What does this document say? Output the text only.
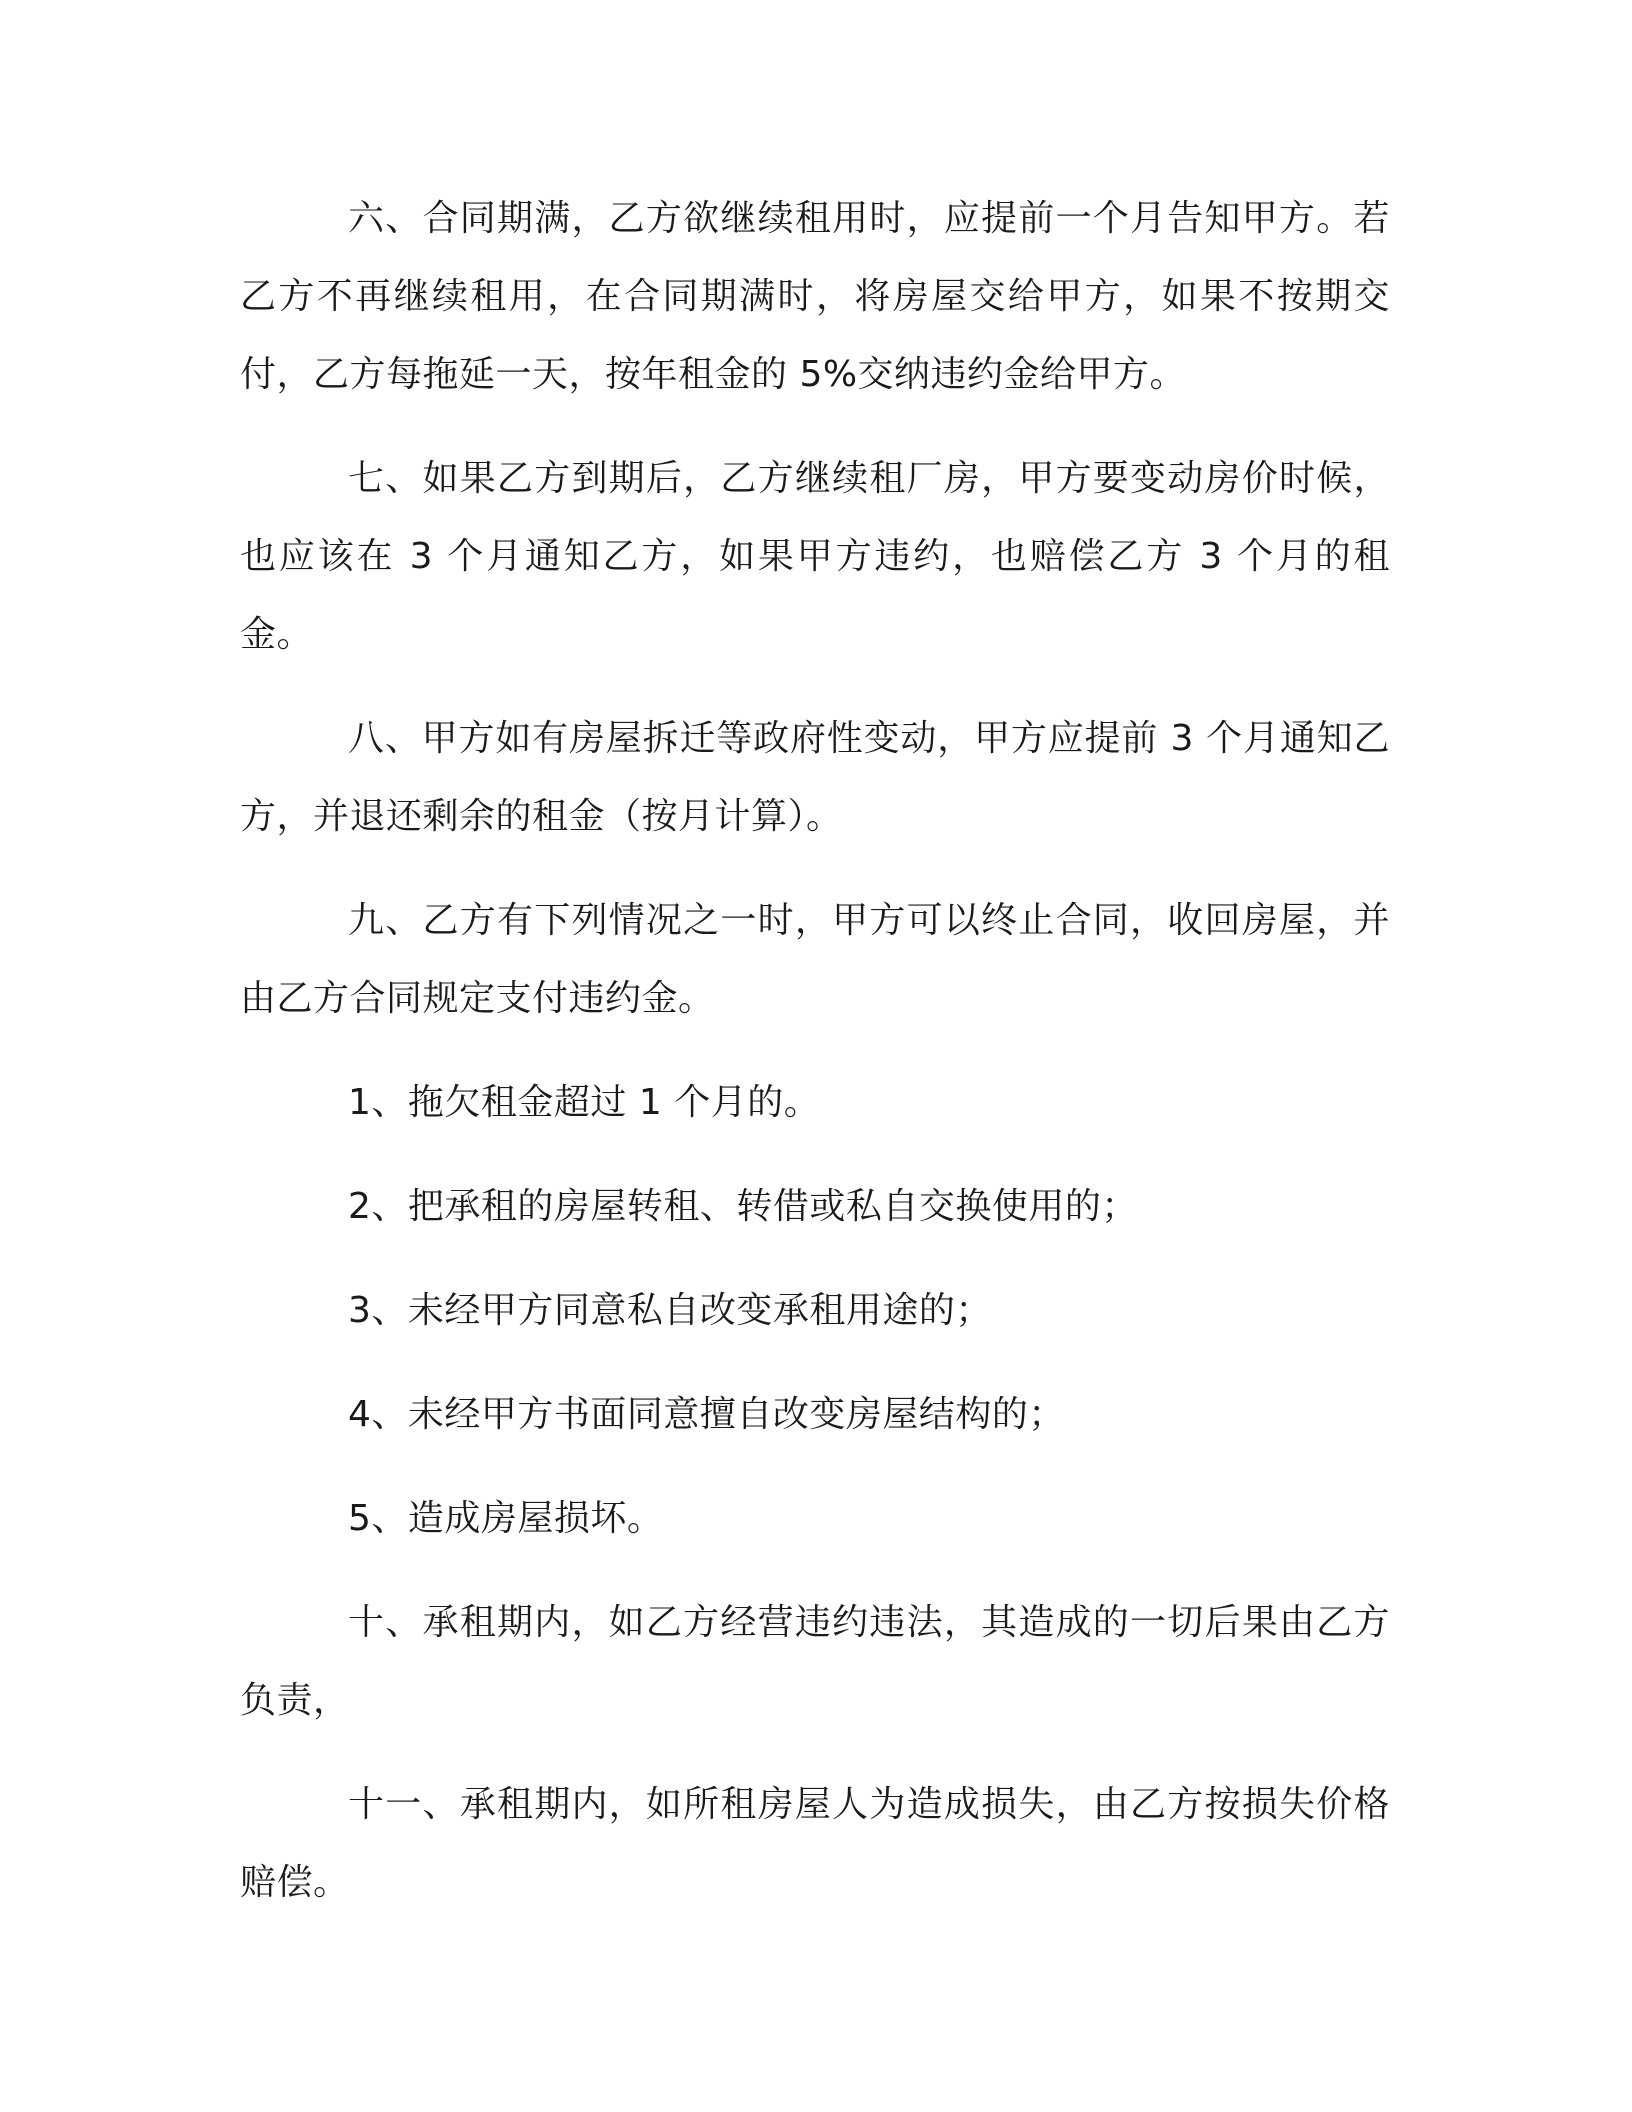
六、合同期满，乙方欲继续租用时，应提前一个月告知甲方。若乙方不再继续租用，在合同期满时，将房屋交给甲方，如果不按期交付，乙方每拖延一天，按年租金的 5%交纳违约金给甲方。

七、如果乙方到期后，乙方继续租厂房，甲方要变动房价时候，也应该在 3 个月通知乙方，如果甲方违约，也赔偿乙方 3 个月的租金。

八、甲方如有房屋拆迁等政府性变动，甲方应提前 3 个月通知乙方，并退还剩余的租金（按月计算）。

九、乙方有下列情况之一时，甲方可以终止合同，收回房屋，并由乙方合同规定支付违约金。

1、拖欠租金超过 1 个月的。

2、把承租的房屋转租、转借或私自交换使用的；

3、未经甲方同意私自改变承租用途的；

4、未经甲方书面同意擅自改变房屋结构的；

5、造成房屋损坏。

十、承租期内，如乙方经营违约违法，其造成的一切后果由乙方负责，

十一、承租期内，如所租房屋人为造成损失，由乙方按损失价格赔偿。
